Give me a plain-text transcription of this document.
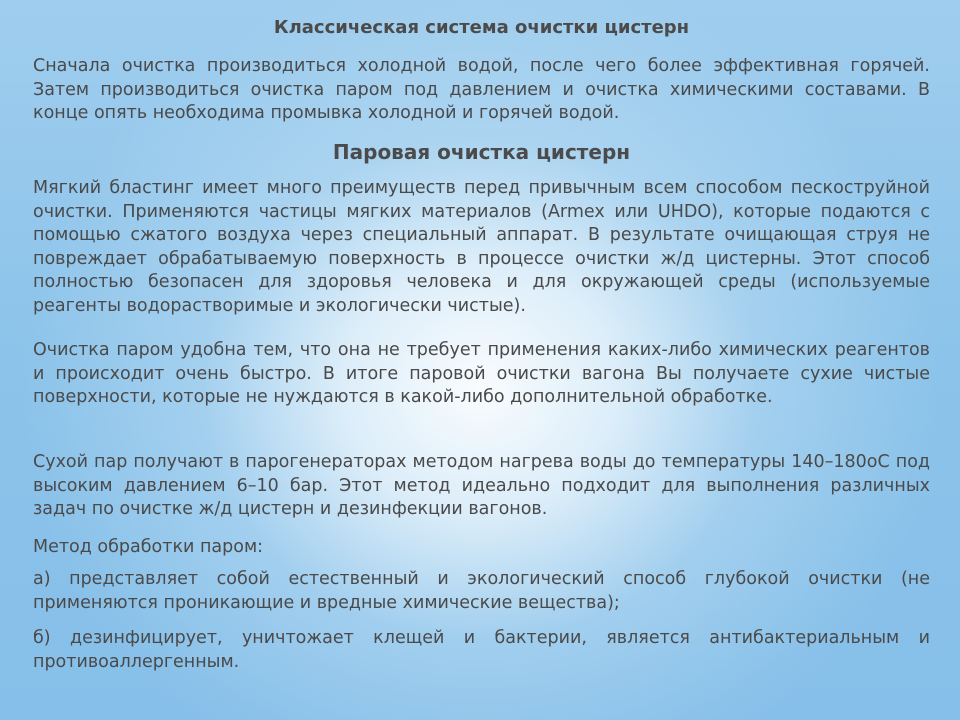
Классическая система очистки цистерн

Сначала очистка производиться холодной водой, после чего более эффективная горячей. Затем производиться очистка паром под давлением и очистка химическими составами. В конце опять необходима промывка холодной и горячей водой.

Паровая очистка цистерн

Мягкий бластинг имеет много преимуществ перед привычным всем способом пескоструйной очистки. Применяются частицы мягких материалов (Armex или UHDO), которые подаются с помощью сжатого воздуха через специальный аппарат. В результате очищающая струя не повреждает обрабатываемую поверхность в процессе очистки ж/д цистерны. Этот способ полностью безопасен для здоровья человека и для окружающей среды (используемые реагенты водорастворимые и экологически чистые).

Очистка паром удобна тем, что она не требует применения каких-либо химических реагентов и происходит очень быстро. В итоге паровой очистки вагона Вы получаете сухие чистые поверхности, которые не нуждаются в какой-либо дополнительной обработке.

Сухой пар получают в парогенераторах методом нагрева воды до температуры 140–180оС под высоким давлением 6–10 бар. Этот метод идеально подходит для выполнения различных задач по очистке ж/д цистерн и дезинфекции вагонов.

Метод обработки паром:

а) представляет собой естественный и экологический способ глубокой очистки (не применяются проникающие и вредные химические вещества);

б) дезинфицирует, уничтожает клещей и бактерии, является антибактериальным и противоаллергенным.
